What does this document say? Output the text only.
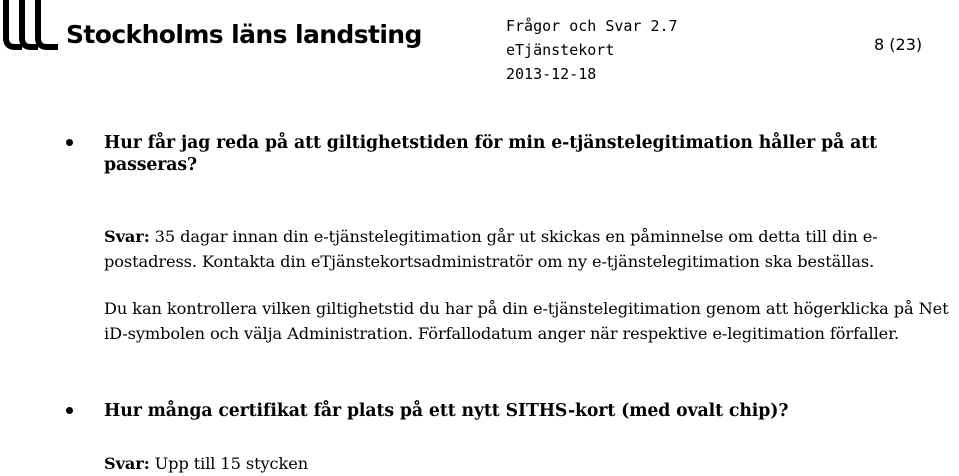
Stockholms läns landsting	Frågor och Svar 2.7
eTjänstekort
2013-12-18
8 (23)
Hur får jag reda på att giltighetstiden för min e-tjänstelegitimation håller på att passeras?
Svar: 35 dagar innan din e-tjänstelegitimation går ut skickas en påminnelse om detta till din e-postadress. Kontakta din eTjänstekortsadministratör om ny e-tjänstelegitimation ska beställas.
Du kan kontrollera vilken giltighetstid du har på din e-tjänstelegitimation genom att högerklicka på Net iD-symbolen och välja Administration. Förfallodatum anger när respektive e-legitimation förfaller.
Hur många certifikat får plats på ett nytt SITHS-kort (med ovalt chip)?
Svar: Upp till 15 stycken
